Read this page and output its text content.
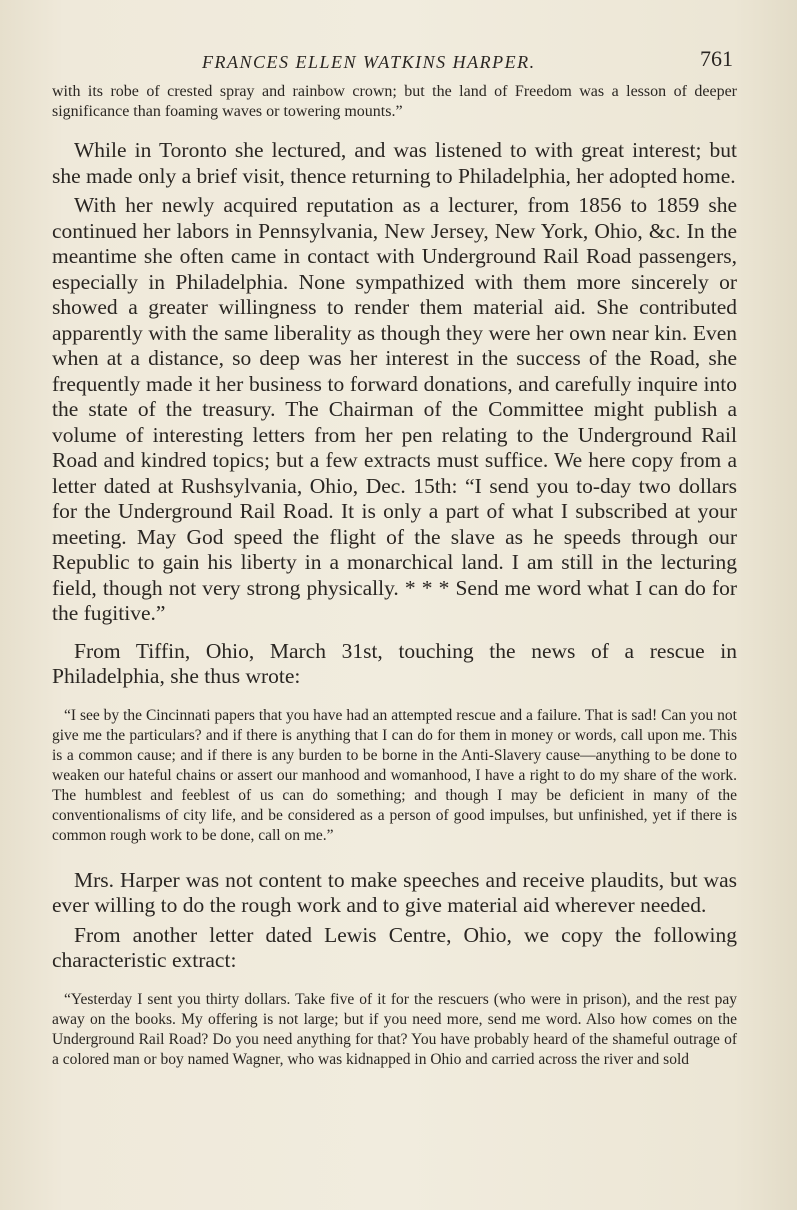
FRANCES ELLEN WATKINS HARPER.	761

with its robe of crested spray and rainbow crown; but the land of Freedom was a lesson of deeper significance than foaming waves or towering mounts.”

While in Toronto she lectured, and was listened to with great interest; but she made only a brief visit, thence returning to Philadelphia, her adopted home.

With her newly acquired reputation as a lecturer, from 1856 to 1859 she continued her labors in Pennsylvania, New Jersey, New York, Ohio, &c. In the meantime she often came in contact with Underground Rail Road passengers, especially in Philadelphia. None sympathized with them more sincerely or showed a greater willingness to render them material aid. She contributed apparently with the same liberality as though they were her own near kin. Even when at a distance, so deep was her interest in the success of the Road, she frequently made it her business to forward donations, and carefully inquire into the state of the treasury. The Chairman of the Committee might publish a volume of interesting letters from her pen relating to the Underground Rail Road and kindred topics; but a few extracts must suffice. We here copy from a letter dated at Rushsylvania, Ohio, Dec. 15th: “I send you to-day two dollars for the Underground Rail Road. It is only a part of what I subscribed at your meeting. May God speed the flight of the slave as he speeds through our Republic to gain his liberty in a monarchical land. I am still in the lecturing field, though not very strong physically. * * * Send me word what I can do for the fugitive.”

From Tiffin, Ohio, March 31st, touching the news of a rescue in Philadelphia, she thus wrote:

“I see by the Cincinnati papers that you have had an attempted rescue and a failure. That is sad! Can you not give me the particulars? and if there is anything that I can do for them in money or words, call upon me. This is a common cause; and if there is any burden to be borne in the Anti-Slavery cause—anything to be done to weaken our hateful chains or assert our manhood and womanhood, I have a right to do my share of the work. The humblest and feeblest of us can do something; and though I may be deficient in many of the conventionalisms of city life, and be considered as a person of good impulses, but unfinished, yet if there is common rough work to be done, call on me.”

Mrs. Harper was not content to make speeches and receive plaudits, but was ever willing to do the rough work and to give material aid wherever needed.

From another letter dated Lewis Centre, Ohio, we copy the following characteristic extract:

“Yesterday I sent you thirty dollars. Take five of it for the rescuers (who were in prison), and the rest pay away on the books. My offering is not large; but if you need more, send me word. Also how comes on the Underground Rail Road? Do you need anything for that? You have probably heard of the shameful outrage of a colored man or boy named Wagner, who was kidnapped in Ohio and carried across the river and sold
